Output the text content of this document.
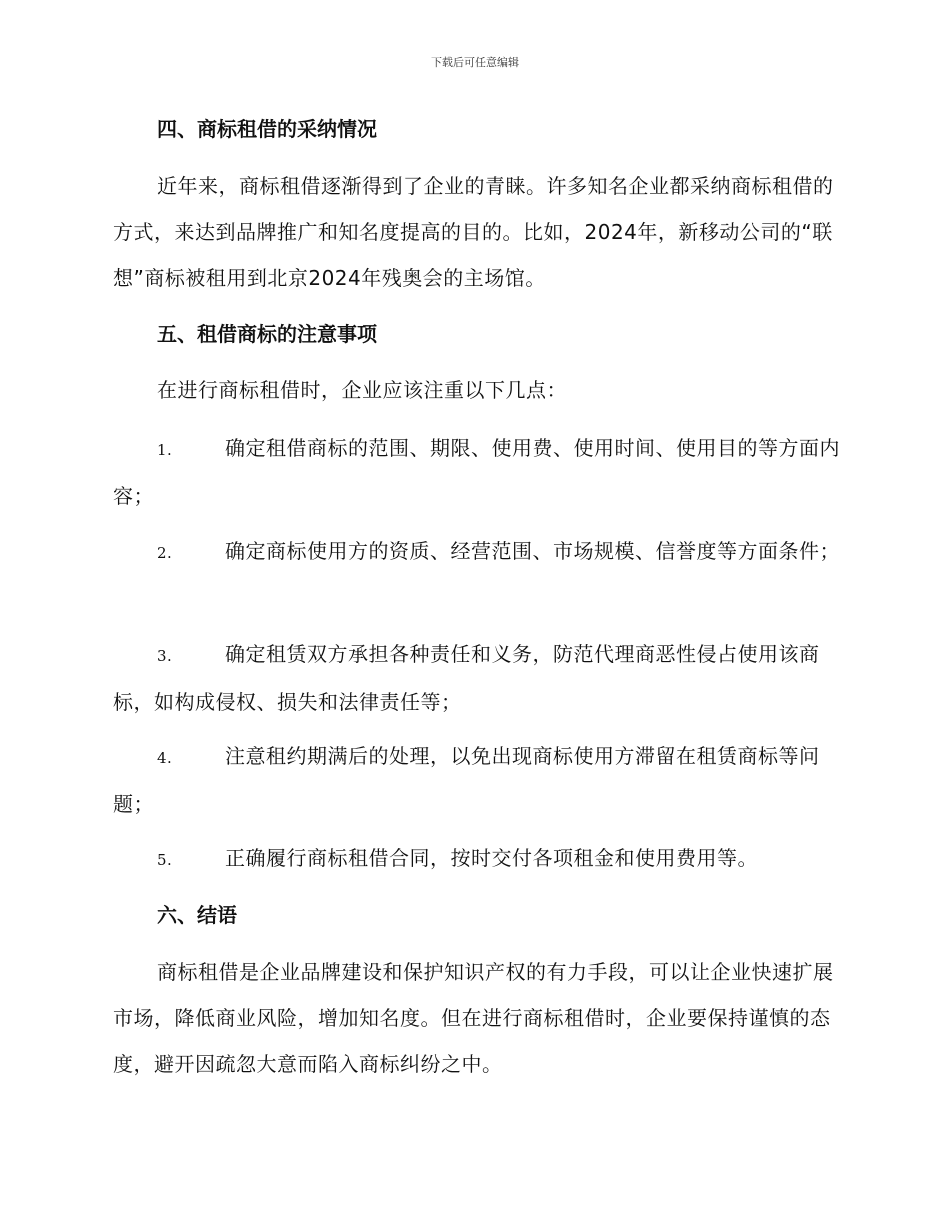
下载后可任意编辑
四、商标租借的采纳情况
近年来，商标租借逐渐得到了企业的青睐。许多知名企业都采纳商标租借的方式，来达到品牌推广和知名度提高的目的。比如，2024年，新移动公司的“联想”商标被租用到北京2024年残奥会的主场馆。
五、租借商标的注意事项
在进行商标租借时，企业应该注重以下几点：
1.	确定租借商标的范围、期限、使用费、使用时间、使用目的等方面内容；
2.	确定商标使用方的资质、经营范围、市场规模、信誉度等方面条件；
3.	确定租赁双方承担各种责任和义务，防范代理商恶性侵占使用该商标，如构成侵权、损失和法律责任等；
4.	注意租约期满后的处理，以免出现商标使用方滞留在租赁商标等问题；
5.	正确履行商标租借合同，按时交付各项租金和使用费用等。
六、结语
商标租借是企业品牌建设和保护知识产权的有力手段，可以让企业快速扩展市场，降低商业风险，增加知名度。但在进行商标租借时，企业要保持谨慎的态度，避开因疏忽大意而陷入商标纠纷之中。
